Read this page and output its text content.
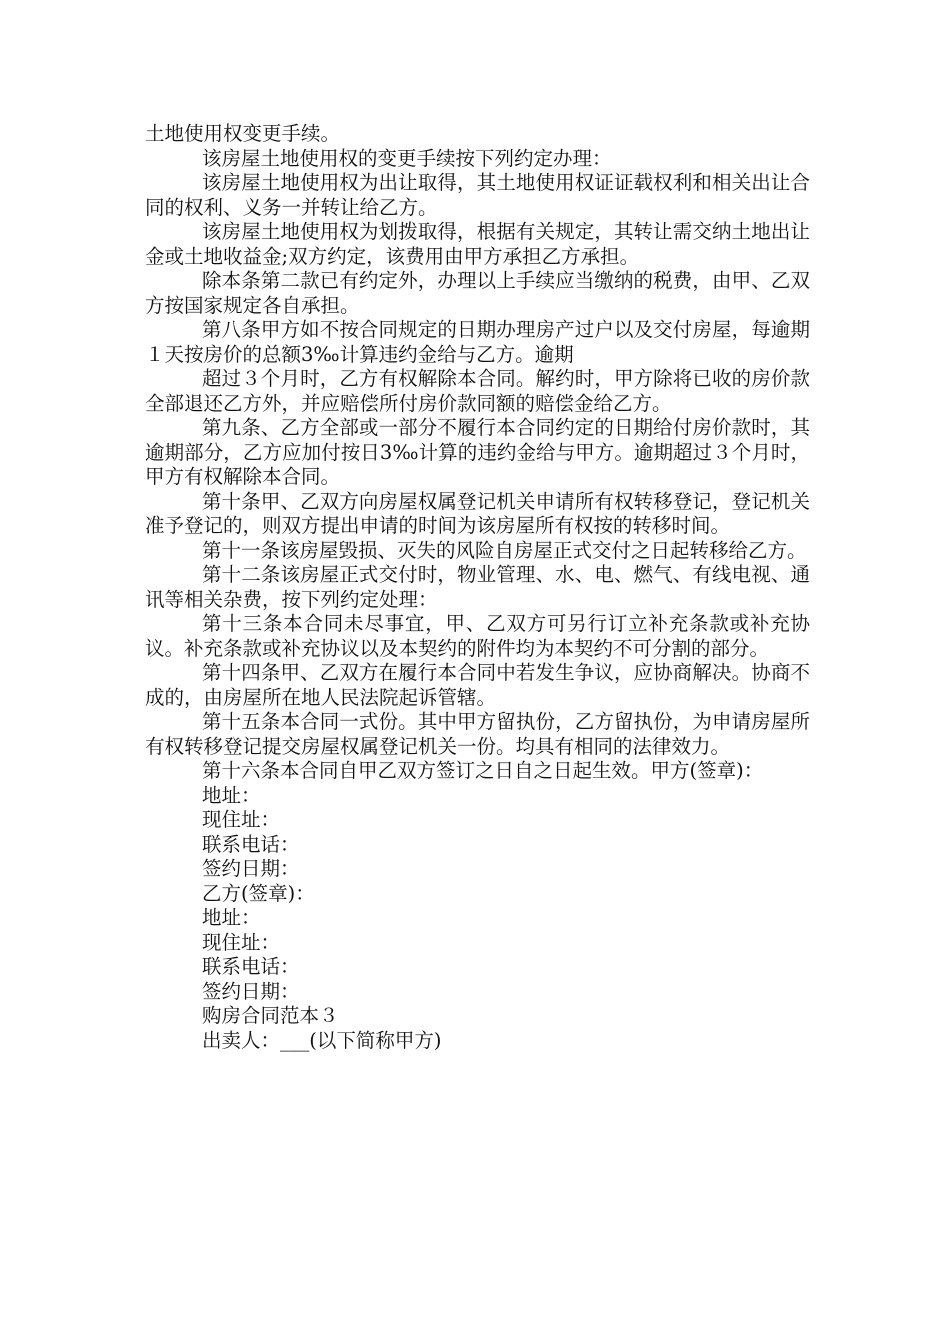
土地使用权变更手续。

该房屋土地使用权的变更手续按下列约定办理：

该房屋土地使用权为出让取得，其土地使用权证证载权利和相关出让合同的权利、义务一并转让给乙方。

该房屋土地使用权为划拨取得，根据有关规定，其转让需交纳土地出让金或土地收益金;双方约定，该费用由甲方承担乙方承担。

除本条第二款已有约定外，办理以上手续应当缴纳的税费，由甲、乙双方按国家规定各自承担。

第八条甲方如不按合同规定的日期办理房产过户以及交付房屋，每逾期１天按房价的总额3‰计算违约金给与乙方。逾期

超过３个月时，乙方有权解除本合同。解约时，甲方除将已收的房价款全部退还乙方外，并应赔偿所付房价款同额的赔偿金给乙方。

第九条、乙方全部或一部分不履行本合同约定的日期给付房价款时，其逾期部分，乙方应加付按日3‰计算的违约金给与甲方。逾期超过３个月时，甲方有权解除本合同。

第十条甲、乙双方向房屋权属登记机关申请所有权转移登记，登记机关准予登记的，则双方提出申请的时间为该房屋所有权按的转移时间。

第十一条该房屋毁损、灭失的风险自房屋正式交付之日起转移给乙方。

第十二条该房屋正式交付时，物业管理、水、电、燃气、有线电视、通讯等相关杂费，按下列约定处理：

第十三条本合同未尽事宜，甲、乙双方可另行订立补充条款或补充协议。补充条款或补充协议以及本契约的附件均为本契约不可分割的部分。

第十四条甲、乙双方在履行本合同中若发生争议，应协商解决。协商不成的，由房屋所在地人民法院起诉管辖。

第十五条本合同一式份。其中甲方留执份，乙方留执份，为申请房屋所有权转移登记提交房屋权属登记机关一份。均具有相同的法律效力。

第十六条本合同自甲乙双方签订之日自之日起生效。甲方(签章)：

地址：

现住址：

联系电话：

签约日期：

乙方(签章)：

地址：

现住址：

联系电话：

签约日期：

购房合同范本３

出卖人：___(以下简称甲方)
